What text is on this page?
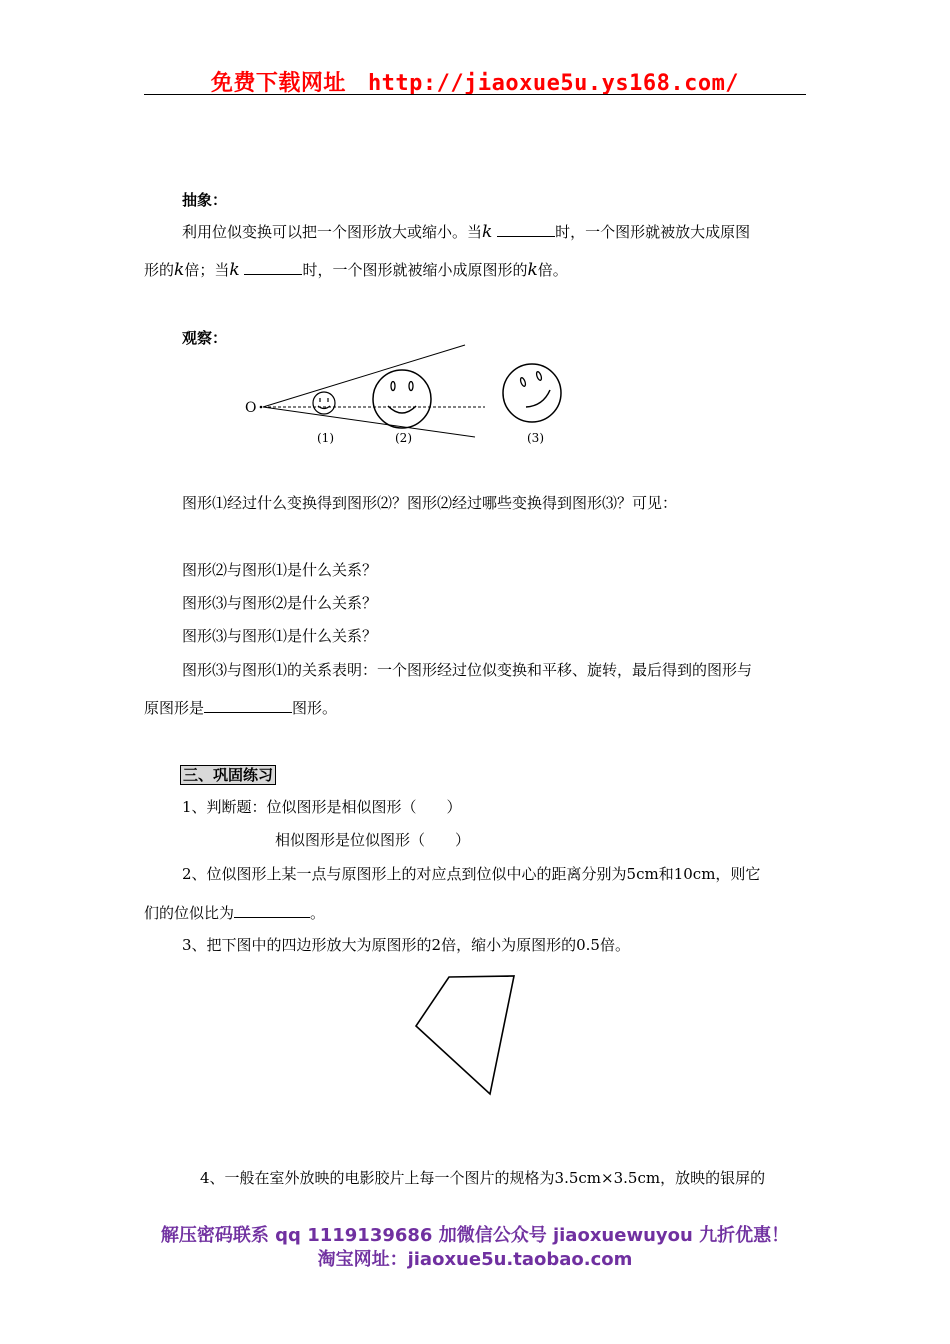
免费下载网址 http://jiaoxue5u.ys168.com/
抽象：
利用位似变换可以把一个图形放大或缩小。当k	时，一个图形就被放大成原图
形的k倍；当k	时，一个图形就被缩小成原图形的k倍。
观察：
O
(1)	(2)	(3)
图形⑴经过什么变换得到图形⑵？图形⑵经过哪些变换得到图形⑶？可见：
图形⑵与图形⑴是什么关系？
图形⑶与图形⑵是什么关系？
图形⑶与图形⑴是什么关系？
图形⑶与图形⑴的关系表明：一个图形经过位似变换和平移、旋转，最后得到的图形与
原图形是	图形。
三、巩固练习
1、判断题：位似图形是相似图形（　　）
相似图形是位似图形（　　）
2、位似图形上某一点与原图形上的对应点到位似中心的距离分别为5cm和10cm，则它
们的位似比为	。
3、把下图中的四边形放大为原图形的2倍，缩小为原图形的0.5倍。
4、一般在室外放映的电影胶片上每一个图片的规格为3.5cm×3.5cm，放映的银屏的
解压密码联系 qq 1119139686 加微信公众号 jiaoxuewuyou 九折优惠！
淘宝网址：jiaoxue5u.taobao.com
